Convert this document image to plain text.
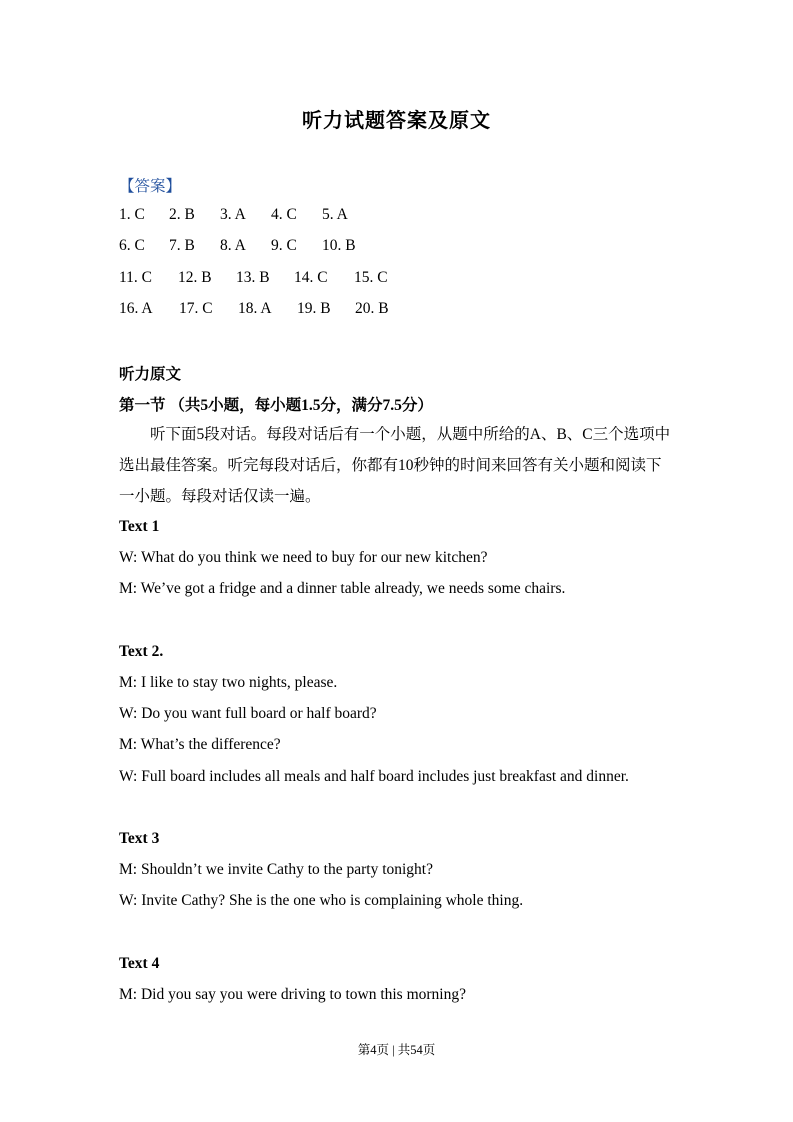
听力试题答案及原文
【答案】
1. C 2. B 3. A 4. C 5. A
6. C 7. B 8. A 9. C 10. B
11. C 12. B 13. B 14. C 15. C
16. A 17. C 18. A 19. B 20. B
听力原文
第一节 （共5小题，每小题1.5分，满分7.5分）
听下面5段对话。每段对话后有一个小题，从题中所给的A、B、C三个选项中选出最佳答案。听完每段对话后，你都有10秒钟的时间来回答有关小题和阅读下一小题。每段对话仅读一遍。
Text 1
W: What do you think we need to buy for our new kitchen?
M: We’ve got a fridge and a dinner table already, we needs some chairs.
Text 2.
M: I like to stay two nights, please.
W: Do you want full board or half board?
M: What’s the difference?
W: Full board includes all meals and half board includes just breakfast and dinner.
Text 3
M: Shouldn’t we invite Cathy to the party tonight?
W: Invite Cathy? She is the one who is complaining whole thing.
Text 4
M: Did you say you were driving to town this morning?
第4页 | 共54页
